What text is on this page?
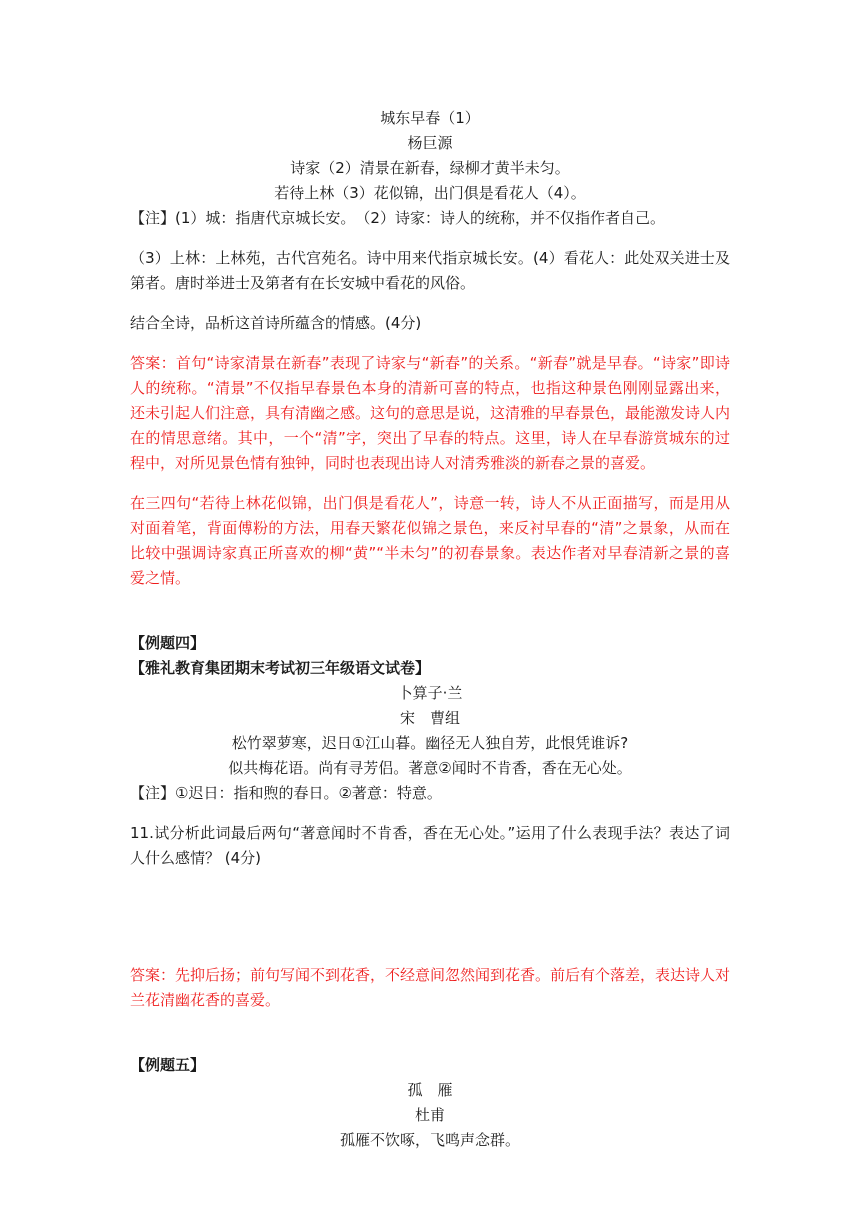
城东早春（1）

杨巨源

诗家（2）清景在新春，绿柳才黄半未匀。

若待上林（3）花似锦，出门俱是看花人（4）。

【注】(1）城：指唐代京城长安。　（2）诗家：诗人的统称，并不仅指作者自己。

（3）上林：上林苑，古代宫苑名。诗中用来代指京城长安。(4）看花人：此处双关进士及第者。唐时举进士及第者有在长安城中看花的风俗。

结合全诗，品析这首诗所蕴含的情感。(4分)

答案：首句“诗家清景在新春”表现了诗家与“新春”的关系。“新春”就是早春。“诗家”即诗人的统称。“清景”不仅指早春景色本身的清新可喜的特点，也指这种景色刚刚显露出来，还未引起人们注意，具有清幽之感。这句的意思是说，这清雅的早春景色，最能激发诗人内在的情思意绪。其中，一个“清”字，突出了早春的特点。这里，诗人在早春游赏城东的过程中，对所见景色情有独钟，同时也表现出诗人对清秀雅淡的新春之景的喜爱。

在三四句“若待上林花似锦，出门俱是看花人”，诗意一转，诗人不从正面描写，而是用从对面着笔，背面傅粉的方法，用春天繁花似锦之景色，来反衬早春的“清”之景象，从而在比较中强调诗家真正所喜欢的柳“黄”“半未匀”的初春景象。表达作者对早春清新之景的喜爱之情。

【例题四】

【雅礼教育集团期末考试初三年级语文试卷】

卜算子·兰

宋　曹组

松竹翠萝寒，迟日①江山暮。幽径无人独自芳，此恨凭谁诉?

似共梅花语。尚有寻芳侣。著意②闻时不肯香，香在无心处。

【注】①迟日：指和煦的春日。②著意：特意。

11.试分析此词最后两句“著意闻时不肯香，香在无心处。”运用了什么表现手法？表达了词人什么感情？ (4分)

答案：先抑后扬；前句写闻不到花香，不经意间忽然闻到花香。前后有个落差，表达诗人对兰花清幽花香的喜爱。

【例题五】

孤　雁

杜甫

孤雁不饮啄，飞鸣声念群。
